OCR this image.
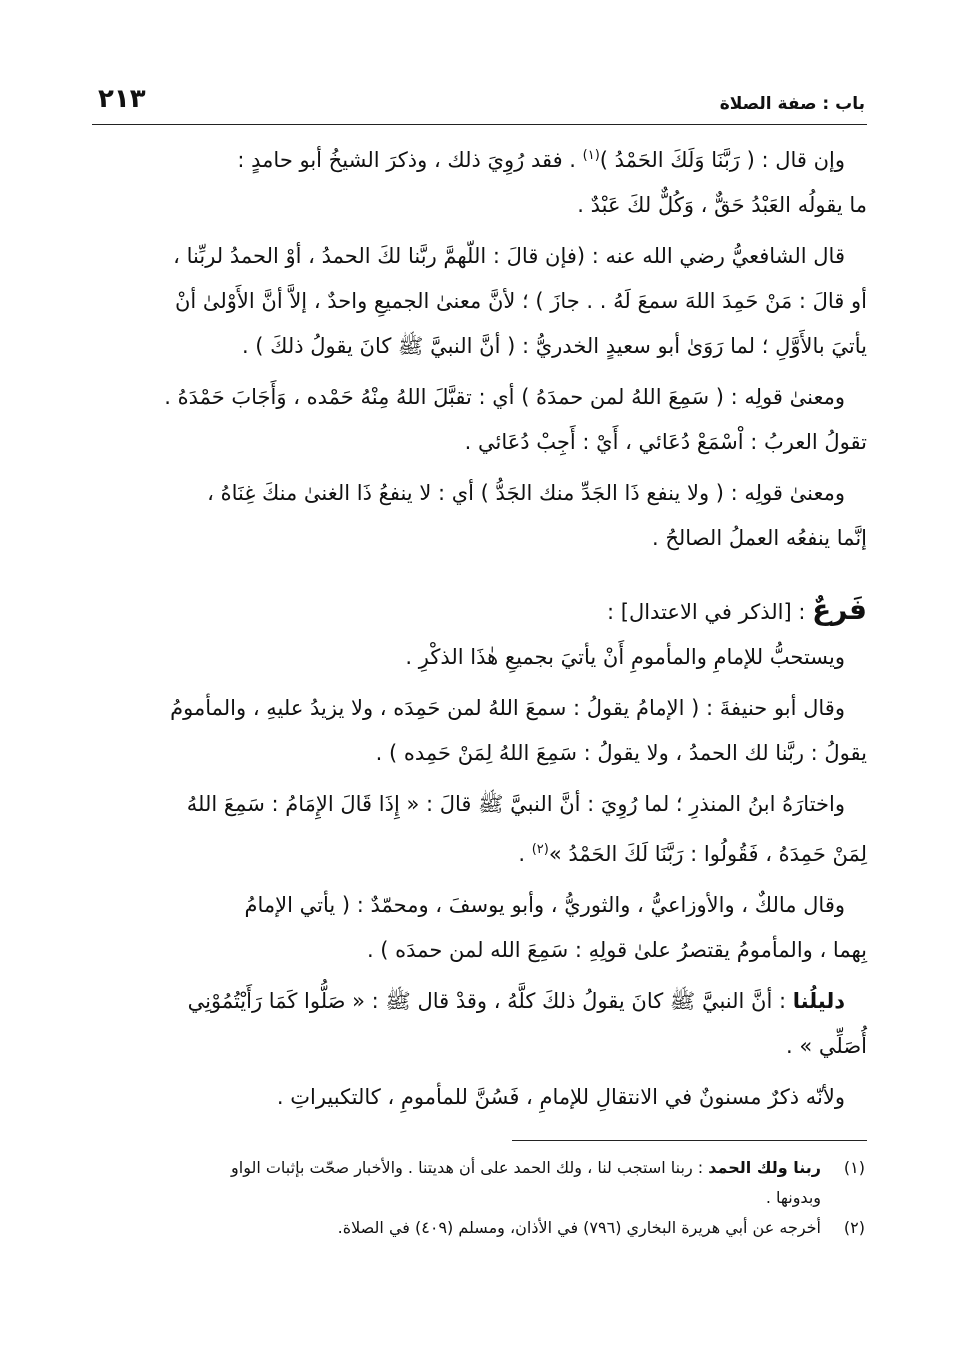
باب : صفة الصلاة
٢١٣
وإن قال : ( رَبَّنَا وَلَكَ الحَمْدُ )$^{(١)}$ . فقد رُوِيَ ذلك ، وذكرَ الشيخُ أبو حامدٍ :
ما يقولُه العَبْدُ حَقٌّ ، وَكُلٌّ لكَ عَبْدٌ .
قال الشافعيُّ رضي الله عنه : (فإن قالَ : اللّهمَّ ربَّنا لكَ الحمدُ ، أوْ الحمدُ لربِّنا ،
أو قالَ : مَنْ حَمِدَ اللهَ سمعَ لَهُ . . جازَ ) ؛ لأنَّ معنىٰ الجميعِ واحدٌ ، إلاَّ أنَّ الأَوْلىٰ أنْ
يأتيَ بالأَوَّلِ ؛ لما رَوَىٰ أبو سعيدٍ الخدريُّ : ( أنَّ النبيَّ ﷺ كانَ يقولُ ذلكَ ) .
ومعنىٰ قولِه : ( سَمِعَ اللهُ لمن حمدَهُ ) أي : تقبَّلَ اللهُ مِنْهُ حَمْده ، وَأَجَابَ حَمْدَهُ .
تقولُ العربُ : اْسْمَعْ دُعَائي ، أَيْ : أَجِبْ دُعَائي .
ومعنىٰ قولِه : ( ولا ينفع ذَا الجَدِّ منك الجَدُّ ) أي : لا ينفعُ ذَا الغنىٰ منكَ غِنَاهُ ،
إنَّما ينفعُه العملُ الصالحُ .
فَرعٌ : [الذكر في الاعتدال] :
ويستحبُّ للإمامِ والمأمومِ أَنْ يأتيَ بجميعِ هٰذَا الذكْرِ .
وقال أبو حنيفةَ : ( الإمامُ يقولُ : سمعَ اللهُ لمن حَمِدَه ، ولا يزيدُ عليهِ ، والمأمومُ
يقولُ : ربَّنا لك الحمدُ ، ولا يقولُ : سَمِعَ اللهُ لِمَنْ حَمِده ) .
واختارَهُ ابنُ المنذرِ ؛ لما رُوِيَ : أنَّ النبيَّ ﷺ قالَ : « إِذَا قَالَ الإِمَامُ : سَمِعَ اللهُ
لِمَنْ حَمِدَهُ ، فَقُولُوا : رَبَّنَا لَكَ الحَمْدُ »$^{(٢)}$ .
وقال مالكٌ ، والأوزاعيُّ ، والثوريُّ ، وأبو يوسفَ ، ومحمّدٌ : ( يأتي الإمامُ
بِهما ، والمأمومُ يقتصرُ علىٰ قولِهِ : سَمِعَ الله لمن حمدَه ) .
دليلُنا : أنَّ النبيَّ ﷺ كانَ يقولُ ذلكَ كلَّهُ ، وقدْ قال ﷺ : « صَلُّوا كَمَا رَأَيْتُمُوْنِي
أُصَلِّي » .
ولأنّه ذكرٌ مسنونٌ في الانتقالِ للإمامِ ، فَسُنَّ للمأمومِ ، كالتكبيراتِ .
(١)
ربنا ولك الحمد : ربنا استجب لنا ، ولك الحمد على أن هديتنا . والأخبار صحّت بإثبات الواو
وبدونها .
(٢)
أخرجه عن أبي هريرة البخاري (٧٩٦) في الأذان، ومسلم (٤٠٩) في الصلاة.
